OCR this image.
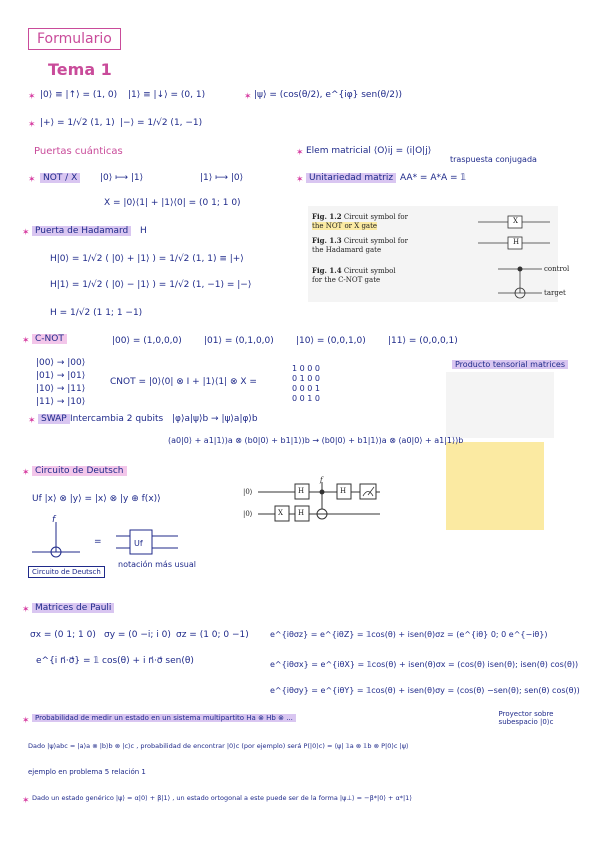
Formulario
Tema 1
✶ |0⟩ ≡ |↑⟩ = (1, 0) |1⟩ ≡ |↓⟩ = (0, 1)	✶ |ψ⟩ = (cos(θ/2), e^{iφ} sen(θ/2))
✶ |+⟩ = 1/√2 (1, 1) |−⟩ = 1/√2 (1, −1)
Puertas cuánticas
✶ NOT / X	|0⟩ ⟼ |1⟩	|1⟩ ⟼ |0⟩
X = |0⟩⟨1| + |1⟩⟨0| = (0 1; 1 0)
✶ Elem matricial ⟨O⟩ij = ⟨i|O|j⟩
traspuesta conjugada
✶ Unitariedad matriz AA* = A*A = 𝟙
Fig. 1.2 Circuit symbol for
the NOT or X gate
Fig. 1.3 Circuit symbol for
the Hadamard gate
Fig. 1.4 Circuit symbol
for the C-NOT gate
X
H
control
target
✶ Puerta de Hadamard	H
H|0⟩ = 1/√2 ( |0⟩ + |1⟩ ) = 1/√2 (1, 1) ≡ |+⟩
H|1⟩ = 1/√2 ( |0⟩ − |1⟩ ) = 1/√2 (1, −1) = |−⟩
H = 1/√2 (1 1; 1 −1)
✶ C-NOT	|00⟩ = (1,0,0,0) |01⟩ = (0,1,0,0) |10⟩ = (0,0,1,0) |11⟩ = (0,0,0,1)
|00⟩ → |00⟩
|01⟩ → |01⟩
|10⟩ → |11⟩
|11⟩ → |10⟩
CNOT = |0⟩⟨0| ⊗ I + |1⟩⟨1| ⊗ X =
1 0 0 0
0 1 0 0
0 0 0 1
0 0 1 0
Producto tensorial matrices
✶ SWAP Intercambia 2 qubits |φ⟩a|ψ⟩b → |ψ⟩a|φ⟩b
(a0|0⟩ + a1|1⟩)a ⊗ (b0|0⟩ + b1|1⟩)b → (b0|0⟩ + b1|1⟩)a ⊗ (a0|0⟩ + a1|1⟩)b
✶ Circuito de Deutsch
Uf |x⟩ ⊗ |y⟩ = |x⟩ ⊗ |y ⊕ f(x)⟩
|0⟩
|0⟩
H	H
X H
f
f
=	Uf
Circuito de Deutsch
notación más usual
✶ Matrices de Pauli
σx = (0 1; 1 0) σy = (0 −i; i 0) σz = (1 0; 0 −1)
e^{i n⃗·σ⃗} = 𝟙 cos(θ) + i n⃗·σ⃗ sen(θ)
e^{iθσz} = e^{iθZ} = 𝟙cos(θ) + isen(θ)σz = (e^{iθ} 0; 0 e^{−iθ})
e^{iθσx} = e^{iθX} = 𝟙cos(θ) + isen(θ)σx = (cos(θ) isen(θ); isen(θ) cos(θ))
e^{iθσy} = e^{iθY} = 𝟙cos(θ) + isen(θ)σy = (cos(θ) −sen(θ); sen(θ) cos(θ))
✶ Probabilidad de medir un estado en un sistema multipartito Ha ⊗ Hb ⊗ ...	Proyector sobre subespacio |0⟩c
Dado |ψ⟩abc = |a⟩a ⊗ |b⟩b ⊗ |c⟩c , probabilidad de encontrar |0⟩c (por ejemplo) será P(|0⟩c) = ⟨ψ| 𝟙a ⊗ 𝟙b ⊗ P|0⟩c |ψ⟩
ejemplo en problema 5 relación 1
✶ Dado un estado genérico |ψ⟩ = α|0⟩ + β|1⟩ , un estado ortogonal a este puede ser de la forma |ψ⊥⟩ = −β*|0⟩ + α*|1⟩
